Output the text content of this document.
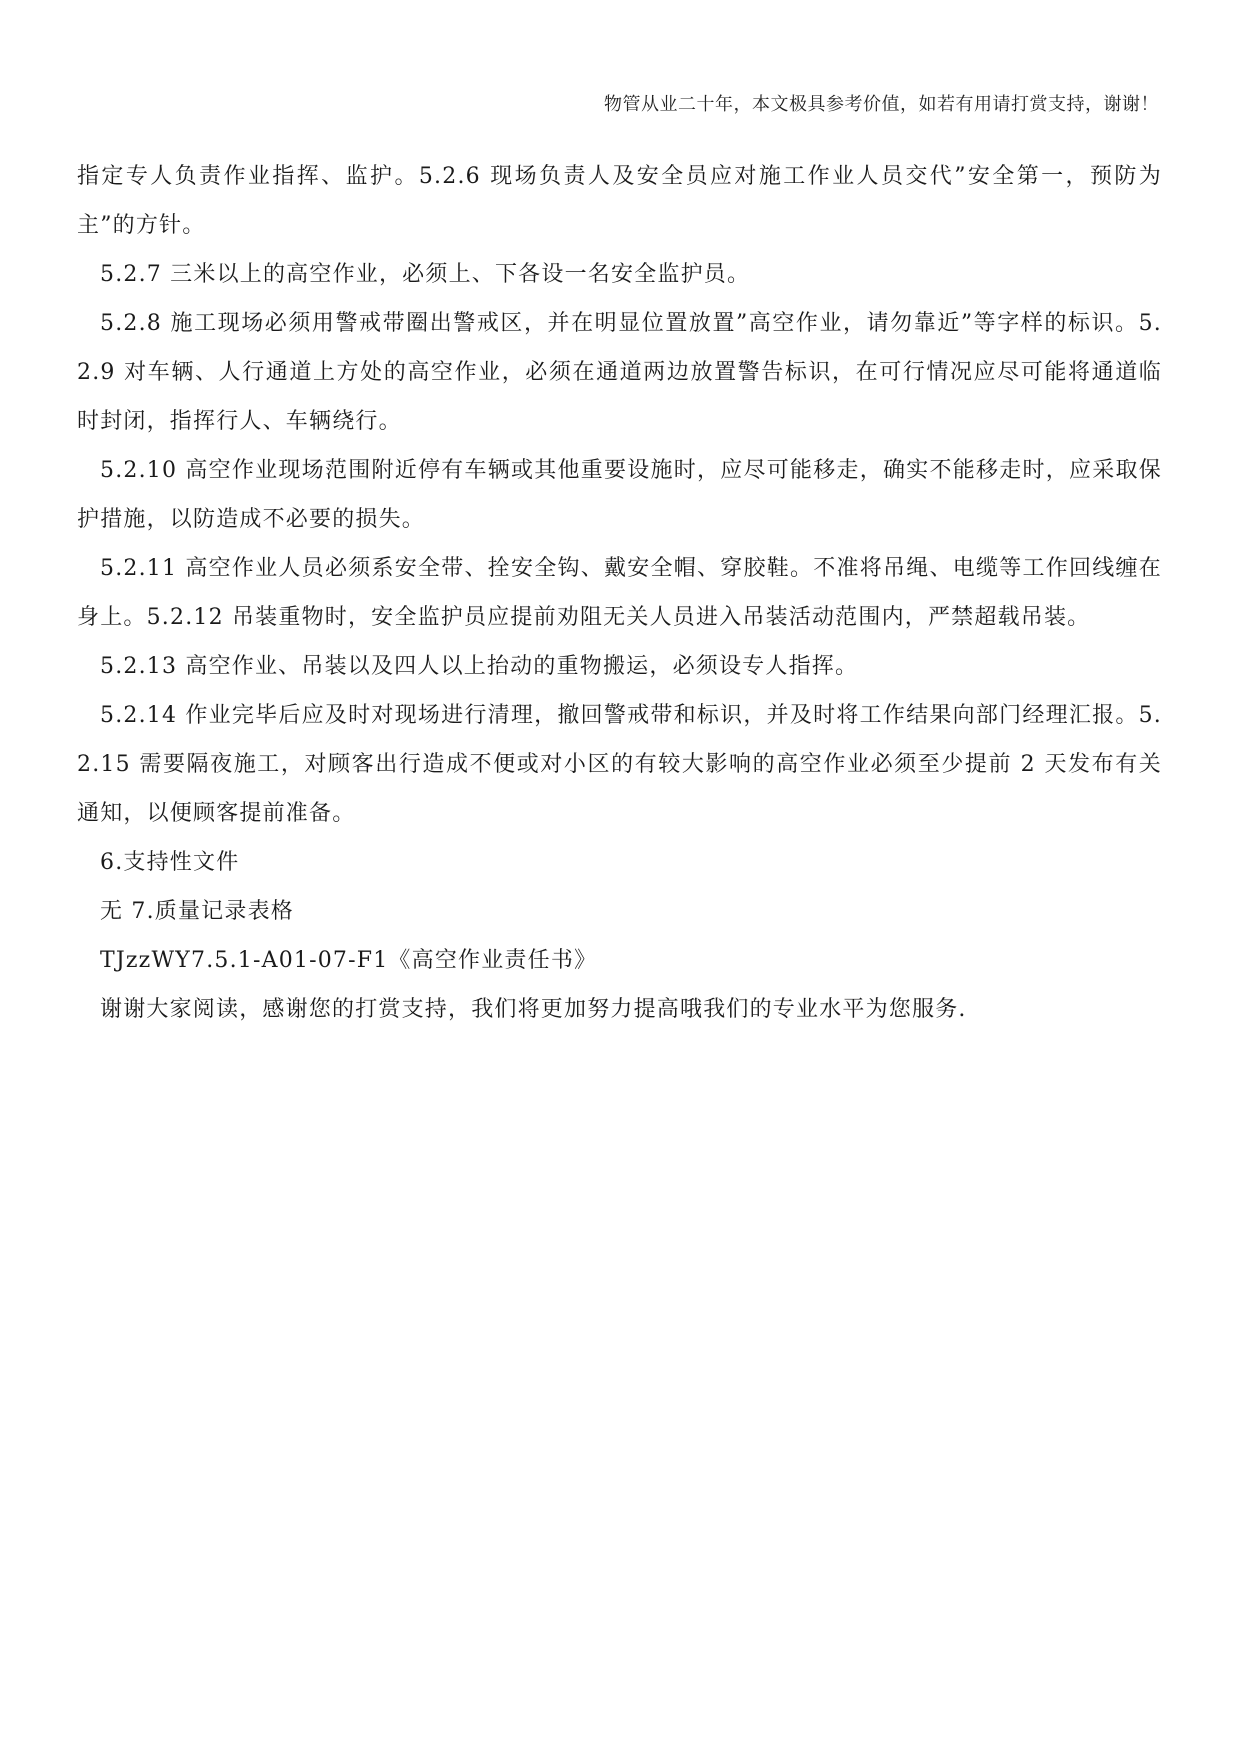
物管从业二十年，本文极具参考价值，如若有用请打赏支持，谢谢！

指定专人负责作业指挥、监护。5.2.6 现场负责人及安全员应对施工作业人员交代”安全第一，预防为主”的方针。

5.2.7 三米以上的高空作业，必须上、下各设一名安全监护员。

5.2.8 施工现场必须用警戒带圈出警戒区，并在明显位置放置”高空作业，请勿靠近”等字样的标识。5.2.9 对车辆、人行通道上方处的高空作业，必须在通道两边放置警告标识，在可行情况应尽可能将通道临时封闭，指挥行人、车辆绕行。

5.2.10 高空作业现场范围附近停有车辆或其他重要设施时，应尽可能移走，确实不能移走时，应采取保护措施，以防造成不必要的损失。

5.2.11 高空作业人员必须系安全带、拴安全钩、戴安全帽、穿胶鞋。不准将吊绳、电缆等工作回线缠在身上。5.2.12 吊装重物时，安全监护员应提前劝阻无关人员进入吊装活动范围内，严禁超载吊装。

5.2.13 高空作业、吊装以及四人以上抬动的重物搬运，必须设专人指挥。

5.2.14 作业完毕后应及时对现场进行清理，撤回警戒带和标识，并及时将工作结果向部门经理汇报。5.2.15 需要隔夜施工，对顾客出行造成不便或对小区的有较大影响的高空作业必须至少提前 2 天发布有关通知，以便顾客提前准备。

6.支持性文件

无 7.质量记录表格

TJzzWY7.5.1-A01-07-F1《高空作业责任书》

谢谢大家阅读，感谢您的打赏支持，我们将更加努力提高哦我们的专业水平为您服务.
